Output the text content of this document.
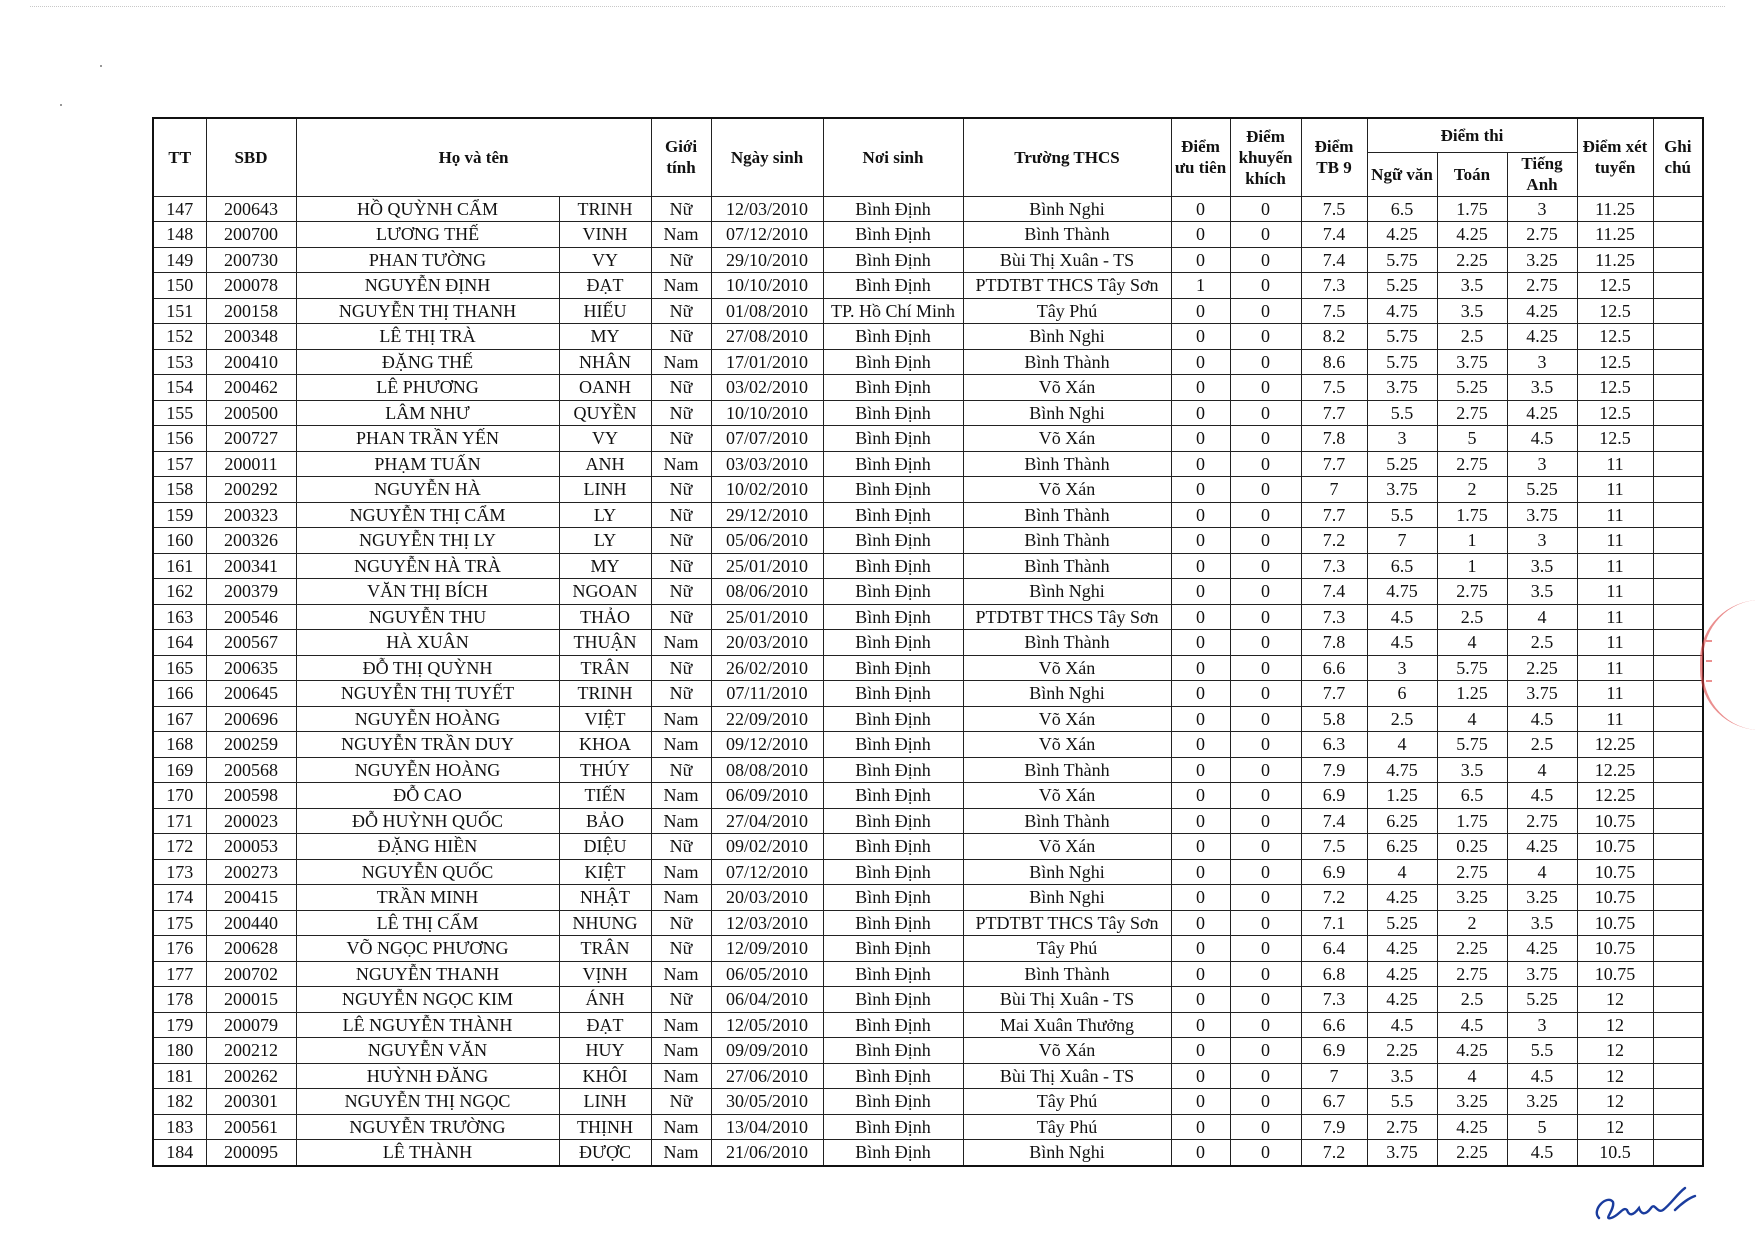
TT	SBD	Họ và tên		Giới tính	Ngày sinh	Nơi sinh	Trường THCS	Điểm ưu tiên	Điểm khuyến khích	Điểm TB 9	Điểm thi			Điểm xét tuyển	Ghi chú
											Ngữ văn	Toán	Tiếng Anh		
147	200643	HỒ QUỲNH CẨM	TRINH	Nữ	12/03/2010	Bình Định	Bình Nghi	0	0	7.5	6.5	1.75	3	11.25	
148	200700	LƯƠNG THẾ	VINH	Nam	07/12/2010	Bình Định	Bình Thành	0	0	7.4	4.25	4.25	2.75	11.25	
149	200730	PHAN TƯỜNG	VY	Nữ	29/10/2010	Bình Định	Bùi Thị Xuân - TS	0	0	7.4	5.75	2.25	3.25	11.25	
150	200078	NGUYỄN ĐỊNH	ĐẠT	Nam	10/10/2010	Bình Định	PTDTBT THCS Tây Sơn	1	0	7.3	5.25	3.5	2.75	12.5	
151	200158	NGUYỄN THỊ THANH	HIẾU	Nữ	01/08/2010	TP. Hồ Chí Minh	Tây Phú	0	0	7.5	4.75	3.5	4.25	12.5	
152	200348	LÊ THỊ TRÀ	MY	Nữ	27/08/2010	Bình Định	Bình Nghi	0	0	8.2	5.75	2.5	4.25	12.5	
153	200410	ĐẶNG THẾ	NHÂN	Nam	17/01/2010	Bình Định	Bình Thành	0	0	8.6	5.75	3.75	3	12.5	
154	200462	LÊ PHƯƠNG	OANH	Nữ	03/02/2010	Bình Định	Võ Xán	0	0	7.5	3.75	5.25	3.5	12.5	
155	200500	LÂM NHƯ	QUYỀN	Nữ	10/10/2010	Bình Định	Bình Nghi	0	0	7.7	5.5	2.75	4.25	12.5	
156	200727	PHAN TRẦN YẾN	VY	Nữ	07/07/2010	Bình Định	Võ Xán	0	0	7.8	3	5	4.5	12.5	
157	200011	PHẠM TUẤN	ANH	Nam	03/03/2010	Bình Định	Bình Thành	0	0	7.7	5.25	2.75	3	11	
158	200292	NGUYỄN HÀ	LINH	Nữ	10/02/2010	Bình Định	Võ Xán	0	0	7	3.75	2	5.25	11	
159	200323	NGUYỄN THỊ CẨM	LY	Nữ	29/12/2010	Bình Định	Bình Thành	0	0	7.7	5.5	1.75	3.75	11	
160	200326	NGUYỄN THỊ LY	LY	Nữ	05/06/2010	Bình Định	Bình Thành	0	0	7.2	7	1	3	11	
161	200341	NGUYỄN HÀ TRÀ	MY	Nữ	25/01/2010	Bình Định	Bình Thành	0	0	7.3	6.5	1	3.5	11	
162	200379	VĂN THỊ BÍCH	NGOAN	Nữ	08/06/2010	Bình Định	Bình Nghi	0	0	7.4	4.75	2.75	3.5	11	
163	200546	NGUYỄN THU	THẢO	Nữ	25/01/2010	Bình Định	PTDTBT THCS Tây Sơn	0	0	7.3	4.5	2.5	4	11	
164	200567	HÀ XUÂN	THUẬN	Nam	20/03/2010	Bình Định	Bình Thành	0	0	7.8	4.5	4	2.5	11	
165	200635	ĐỖ THỊ QUỲNH	TRÂN	Nữ	26/02/2010	Bình Định	Võ Xán	0	0	6.6	3	5.75	2.25	11	
166	200645	NGUYỄN THỊ TUYẾT	TRINH	Nữ	07/11/2010	Bình Định	Bình Nghi	0	0	7.7	6	1.25	3.75	11	
167	200696	NGUYỄN HOÀNG	VIỆT	Nam	22/09/2010	Bình Định	Võ Xán	0	0	5.8	2.5	4	4.5	11	
168	200259	NGUYỄN TRẦN DUY	KHOA	Nam	09/12/2010	Bình Định	Võ Xán	0	0	6.3	4	5.75	2.5	12.25	
169	200568	NGUYỄN HOÀNG	THÚY	Nữ	08/08/2010	Bình Định	Bình Thành	0	0	7.9	4.75	3.5	4	12.25	
170	200598	ĐỖ CAO	TIẾN	Nam	06/09/2010	Bình Định	Võ Xán	0	0	6.9	1.25	6.5	4.5	12.25	
171	200023	ĐỖ HUỲNH QUỐC	BẢO	Nam	27/04/2010	Bình Định	Bình Thành	0	0	7.4	6.25	1.75	2.75	10.75	
172	200053	ĐẶNG HIỀN	DIỆU	Nữ	09/02/2010	Bình Định	Võ Xán	0	0	7.5	6.25	0.25	4.25	10.75	
173	200273	NGUYỄN QUỐC	KIỆT	Nam	07/12/2010	Bình Định	Bình Nghi	0	0	6.9	4	2.75	4	10.75	
174	200415	TRẦN MINH	NHẬT	Nam	20/03/2010	Bình Định	Bình Nghi	0	0	7.2	4.25	3.25	3.25	10.75	
175	200440	LÊ THỊ CẨM	NHUNG	Nữ	12/03/2010	Bình Định	PTDTBT THCS Tây Sơn	0	0	7.1	5.25	2	3.5	10.75	
176	200628	VÕ NGỌC PHƯƠNG	TRÂN	Nữ	12/09/2010	Bình Định	Tây Phú	0	0	6.4	4.25	2.25	4.25	10.75	
177	200702	NGUYỄN THANH	VỊNH	Nam	06/05/2010	Bình Định	Bình Thành	0	0	6.8	4.25	2.75	3.75	10.75	
178	200015	NGUYỄN NGỌC KIM	ÁNH	Nữ	06/04/2010	Bình Định	Bùi Thị Xuân - TS	0	0	7.3	4.25	2.5	5.25	12	
179	200079	LÊ NGUYỄN THÀNH	ĐẠT	Nam	12/05/2010	Bình Định	Mai Xuân Thưởng	0	0	6.6	4.5	4.5	3	12	
180	200212	NGUYỄN VĂN	HUY	Nam	09/09/2010	Bình Định	Võ Xán	0	0	6.9	2.25	4.25	5.5	12	
181	200262	HUỲNH ĐĂNG	KHÔI	Nam	27/06/2010	Bình Định	Bùi Thị Xuân - TS	0	0	7	3.5	4	4.5	12	
182	200301	NGUYỄN THỊ NGỌC	LINH	Nữ	30/05/2010	Bình Định	Tây Phú	0	0	6.7	5.5	3.25	3.25	12	
183	200561	NGUYỄN TRƯỜNG	THỊNH	Nam	13/04/2010	Bình Định	Tây Phú	0	0	7.9	2.75	4.25	5	12	
184	200095	LÊ THÀNH	ĐƯỢC	Nam	21/06/2010	Bình Định	Bình Nghi	0	0	7.2	3.75	2.25	4.5	10.5	
